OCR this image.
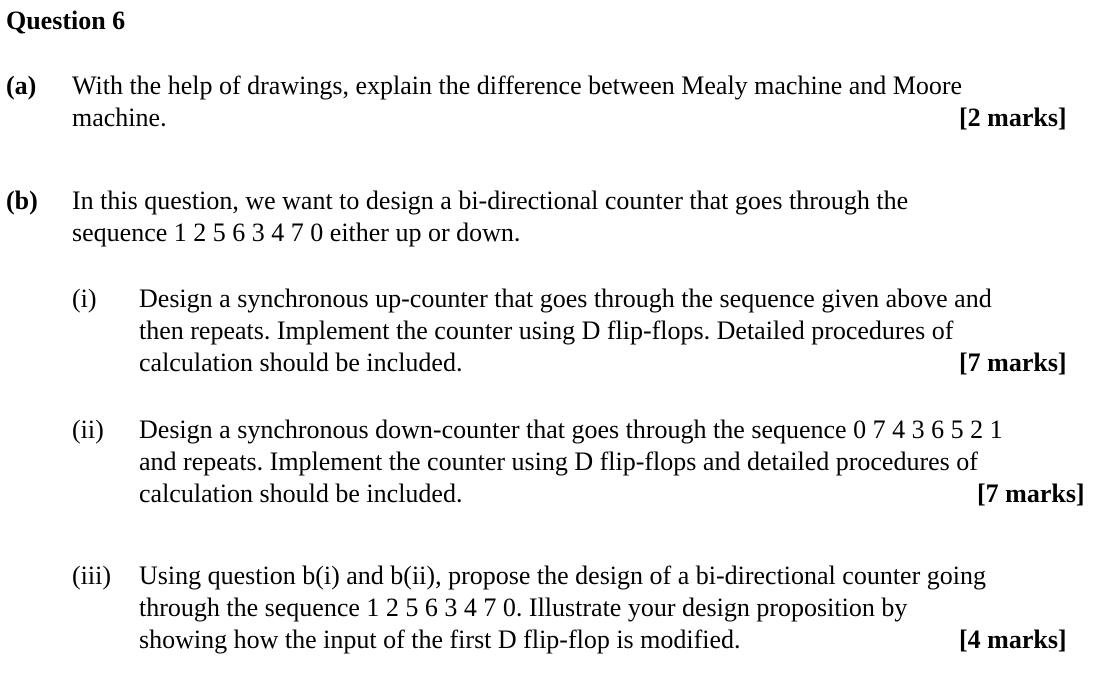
Question 6
(a) With the help of drawings, explain the difference between Mealy machine and Moore
machine.	[2 marks]
(b) In this question, we want to design a bi-directional counter that goes through the
sequence 1 2 5 6 3 4 7 0 either up or down.
(i) Design a synchronous up-counter that goes through the sequence given above and
then repeats. Implement the counter using D flip-flops. Detailed procedures of
calculation should be included.	[7 marks]
(ii) Design a synchronous down-counter that goes through the sequence 0 7 4 3 6 5 2 1
and repeats. Implement the counter using D flip-flops and detailed procedures of
calculation should be included.	[7 marks]
(iii) Using question b(i) and b(ii), propose the design of a bi-directional counter going
through the sequence 1 2 5 6 3 4 7 0. Illustrate your design proposition by
showing how the input of the first D flip-flop is modified.	[4 marks]
